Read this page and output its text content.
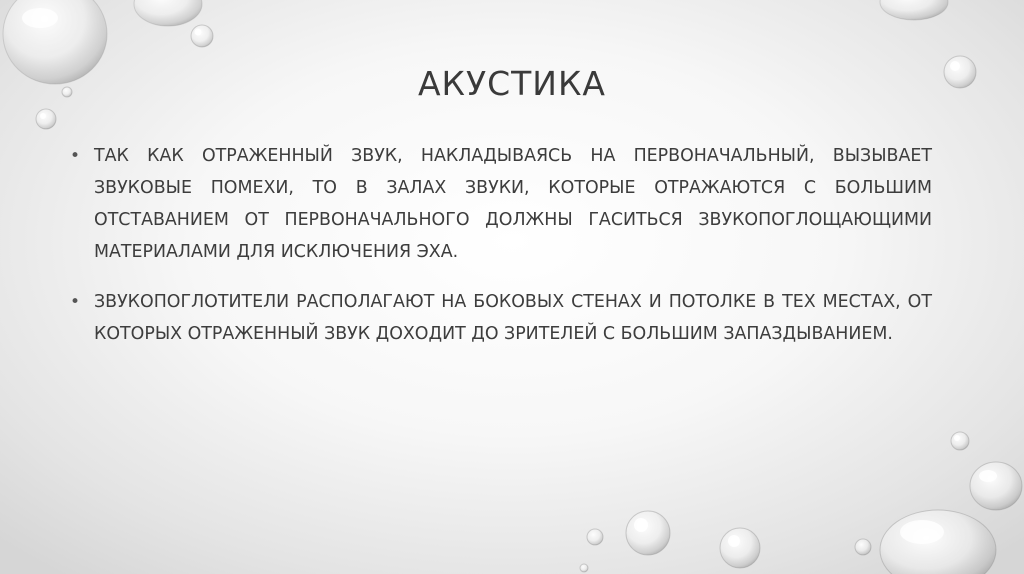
АКУСТИКА

• ТАК КАК ОТРАЖЕННЫЙ ЗВУК, НАКЛАДЫВАЯСЬ НА ПЕРВОНАЧАЛЬНЫЙ, ВЫЗЫВАЕТ ЗВУКОВЫЕ ПОМЕХИ, ТО В ЗАЛАХ ЗВУКИ, КОТОРЫЕ ОТРАЖАЮТСЯ С БОЛЬШИМ ОТСТАВАНИЕМ ОТ ПЕРВОНАЧАЛЬНОГО ДОЛЖНЫ ГАСИТЬСЯ ЗВУКОПОГЛОЩАЮЩИМИ МАТЕРИАЛАМИ ДЛЯ ИСКЛЮЧЕНИЯ ЭХА.

• ЗВУКОПОГЛОТИТЕЛИ РАСПОЛАГАЮТ НА БОКОВЫХ СТЕНАХ И ПОТОЛКЕ В ТЕХ МЕСТАХ, ОТ КОТОРЫХ ОТРАЖЕННЫЙ ЗВУК ДОХОДИТ ДО ЗРИТЕЛЕЙ С БОЛЬШИМ ЗАПАЗДЫВАНИЕМ.
